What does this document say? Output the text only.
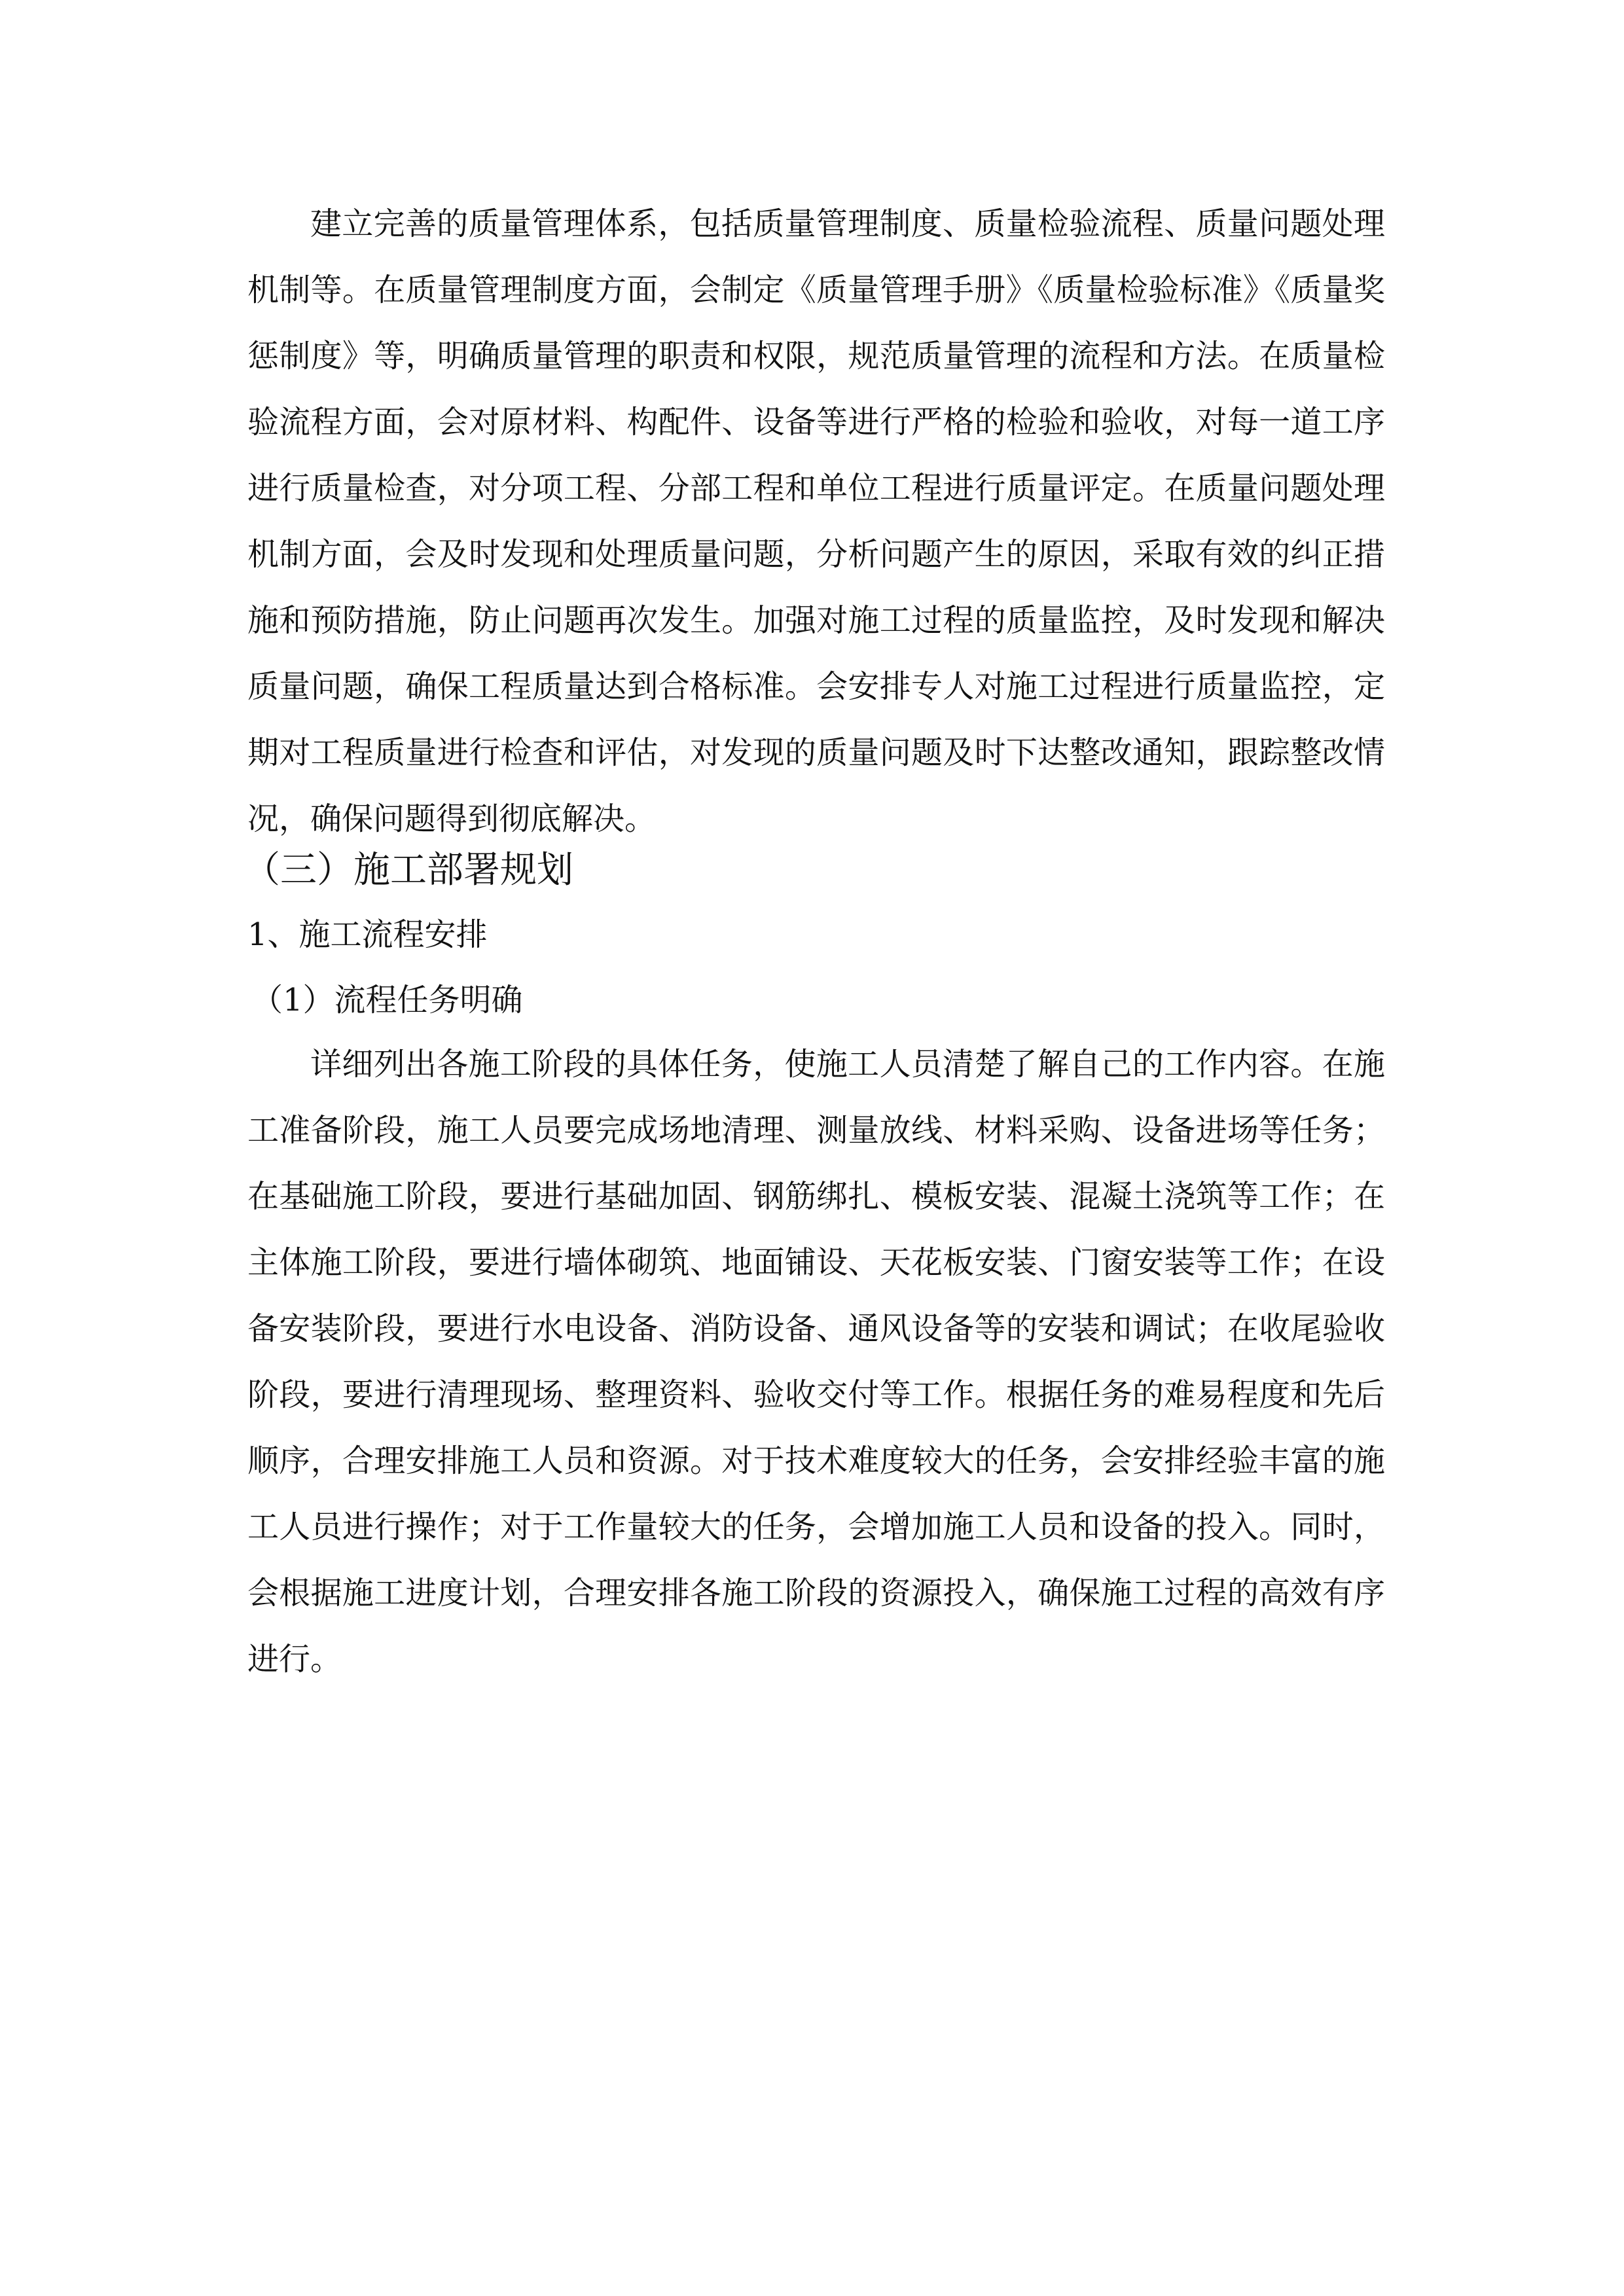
建立完善的质量管理体系，包括质量管理制度、质量检验流程、质量问题处理机制等。在质量管理制度方面，会制定《质量管理手册》《质量检验标准》《质量奖惩制度》等，明确质量管理的职责和权限，规范质量管理的流程和方法。在质量检验流程方面，会对原材料、构配件、设备等进行严格的检验和验收，对每一道工序进行质量检查，对分项工程、分部工程和单位工程进行质量评定。在质量问题处理机制方面，会及时发现和处理质量问题，分析问题产生的原因，采取有效的纠正措施和预防措施，防止问题再次发生。加强对施工过程的质量监控，及时发现和解决质量问题，确保工程质量达到合格标准。会安排专人对施工过程进行质量监控，定期对工程质量进行检查和评估，对发现的质量问题及时下达整改通知，跟踪整改情况，确保问题得到彻底解决。

（三）施工部署规划
1、施工流程安排
（1）流程任务明确

详细列出各施工阶段的具体任务，使施工人员清楚了解自己的工作内容。在施工准备阶段，施工人员要完成场地清理、测量放线、材料采购、设备进场等任务；在基础施工阶段，要进行基础加固、钢筋绑扎、模板安装、混凝土浇筑等工作；在主体施工阶段，要进行墙体砌筑、地面铺设、天花板安装、门窗安装等工作；在设备安装阶段，要进行水电设备、消防设备、通风设备等的安装和调试；在收尾验收阶段，要进行清理现场、整理资料、验收交付等工作。根据任务的难易程度和先后顺序，合理安排施工人员和资源。对于技术难度较大的任务，会安排经验丰富的施工人员进行操作；对于工作量较大的任务，会增加施工人员和设备的投入。同时，会根据施工进度计划，合理安排各施工阶段的资源投入，确保施工过程的高效有序进行。
